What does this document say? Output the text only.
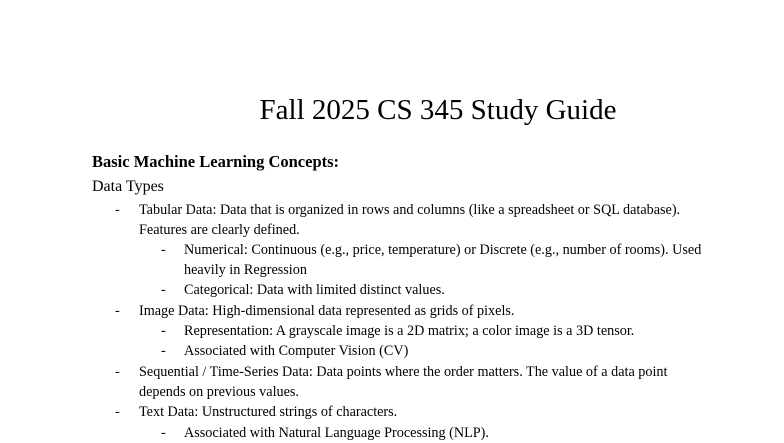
Fall 2025 CS 345 Study Guide
Basic Machine Learning Concepts:
Data Types
- Tabular Data: Data that is organized in rows and columns (like a spreadsheet or SQL database). Features are clearly defined.
- Numerical: Continuous (e.g., price, temperature) or Discrete (e.g., number of rooms). Used heavily in Regression
- Categorical: Data with limited distinct values.
- Image Data: High-dimensional data represented as grids of pixels.
- Representation: A grayscale image is a 2D matrix; a color image is a 3D tensor.
- Associated with Computer Vision (CV)
- Sequential / Time-Series Data: Data points where the order matters. The value of a data point depends on previous values.
- Text Data: Unstructured strings of characters.
- Associated with Natural Language Processing (NLP).
